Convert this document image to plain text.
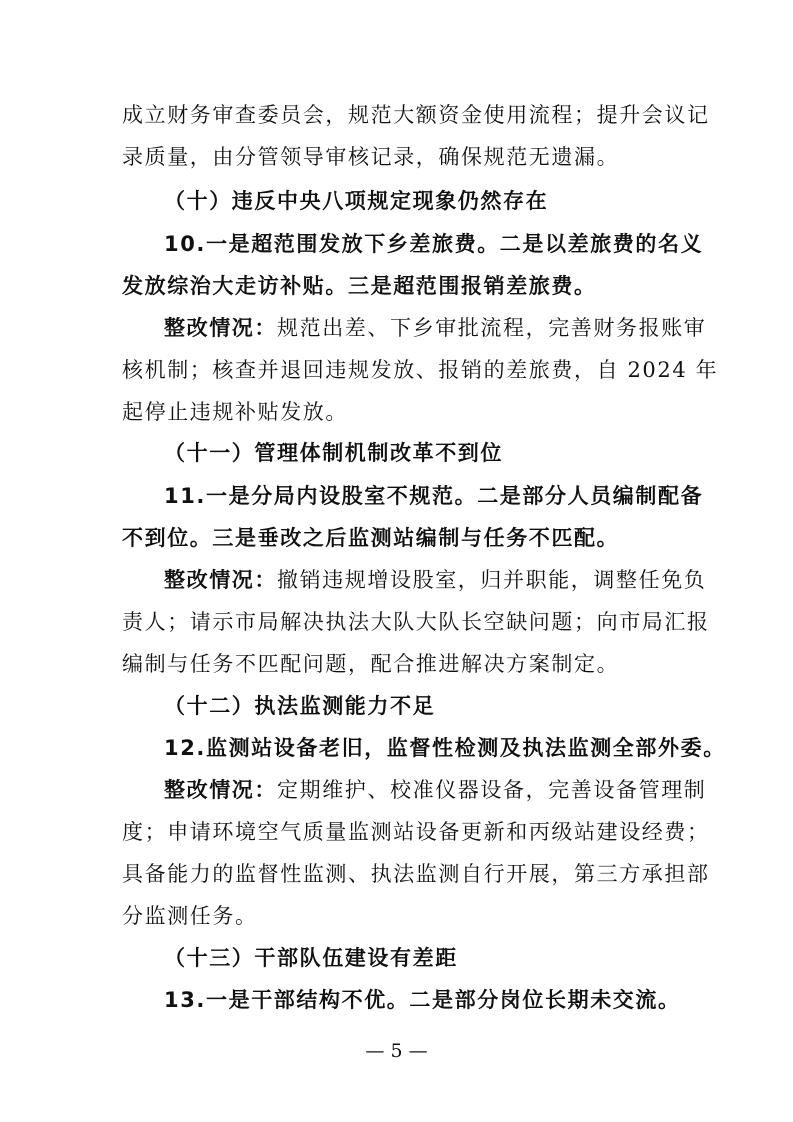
成立财务审查委员会，规范大额资金使用流程；提升会议记
录质量，由分管领导审核记录，确保规范无遗漏。
（十）违反中央八项规定现象仍然存在
10.一是超范围发放下乡差旅费。二是以差旅费的名义
发放综治大走访补贴。三是超范围报销差旅费。
整改情况：规范出差、下乡审批流程，完善财务报账审
核机制；核查并退回违规发放、报销的差旅费，自 2024 年
起停止违规补贴发放。
（十一）管理体制机制改革不到位
11.一是分局内设股室不规范。二是部分人员编制配备
不到位。三是垂改之后监测站编制与任务不匹配。
整改情况：撤销违规增设股室，归并职能，调整任免负
责人；请示市局解决执法大队大队长空缺问题；向市局汇报
编制与任务不匹配问题，配合推进解决方案制定。
（十二）执法监测能力不足
12.监测站设备老旧，监督性检测及执法监测全部外委。
整改情况：定期维护、校准仪器设备，完善设备管理制
度；申请环境空气质量监测站设备更新和丙级站建设经费；
具备能力的监督性监测、执法监测自行开展，第三方承担部
分监测任务。
（十三）干部队伍建设有差距
13.一是干部结构不优。二是部分岗位长期未交流。
— 5 —
